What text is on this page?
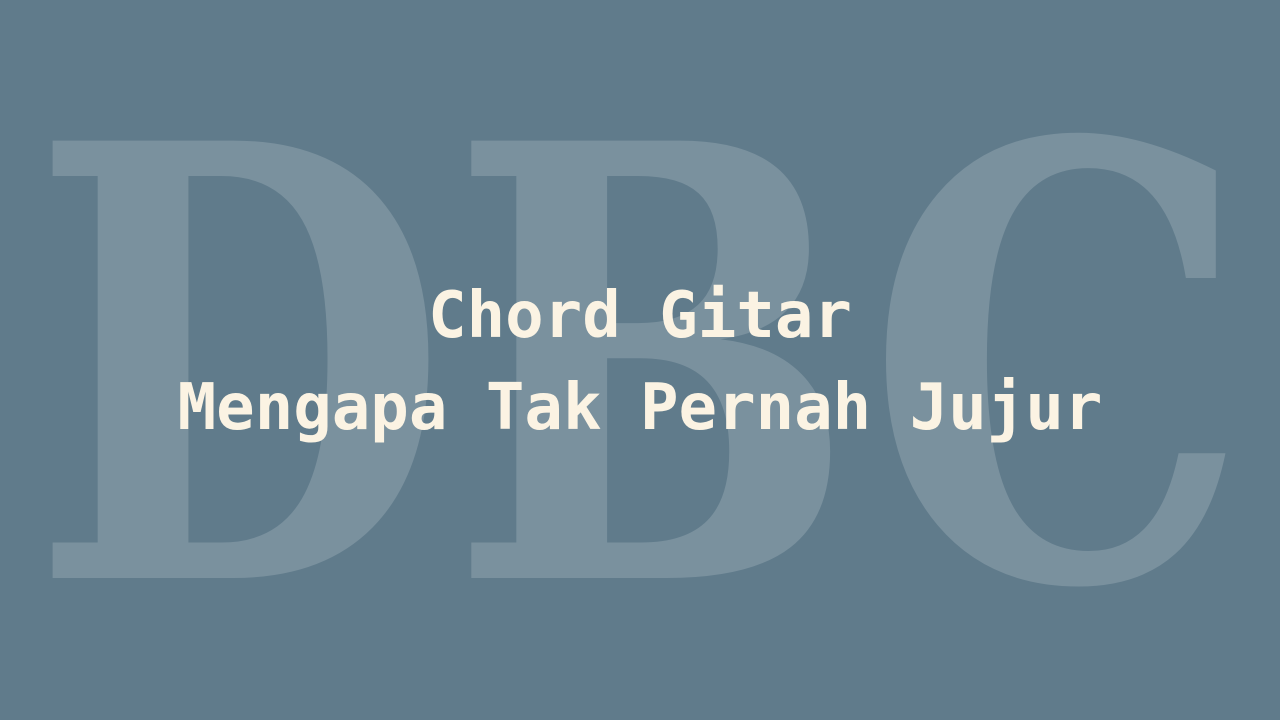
DBC
Chord Gitar
Mengapa Tak Pernah Jujur
